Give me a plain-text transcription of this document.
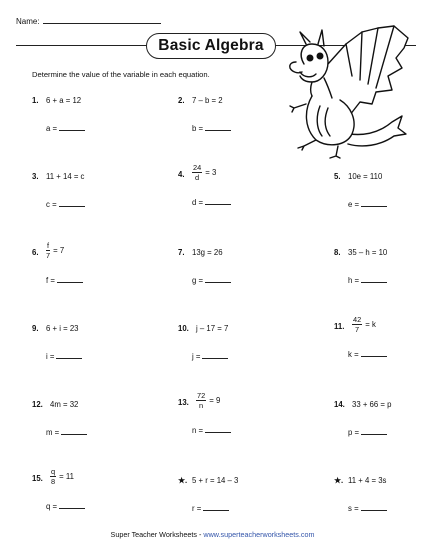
Name:
Basic Algebra
Determine the value of the variable in each equation.
1. 6 + a = 12
a =
2. 7 – b = 2
b =
3. 11 + 14 = c
c =
4. $\frac{24}{d} = 3$
d =
5. 10e = 110
e =
6. $\frac{f}{7} = 7$
f =
7. 13g = 26
g =
8. 35 – h = 10
h =
9. 6 + i = 23
i =
10. j – 17 = 7
j =
11. $\frac{42}{7} = k$
k =
12. 4m = 32
m =
13. $\frac{72}{n} = 9$
n =
14. 33 + 66 = p
p =
15. $\frac{q}{8} = 11$
q =
★. 5 + r = 14 – 3
r =
★. 11 + 4 = 3s
s =
Super Teacher Worksheets - www.superteacherworksheets.com
